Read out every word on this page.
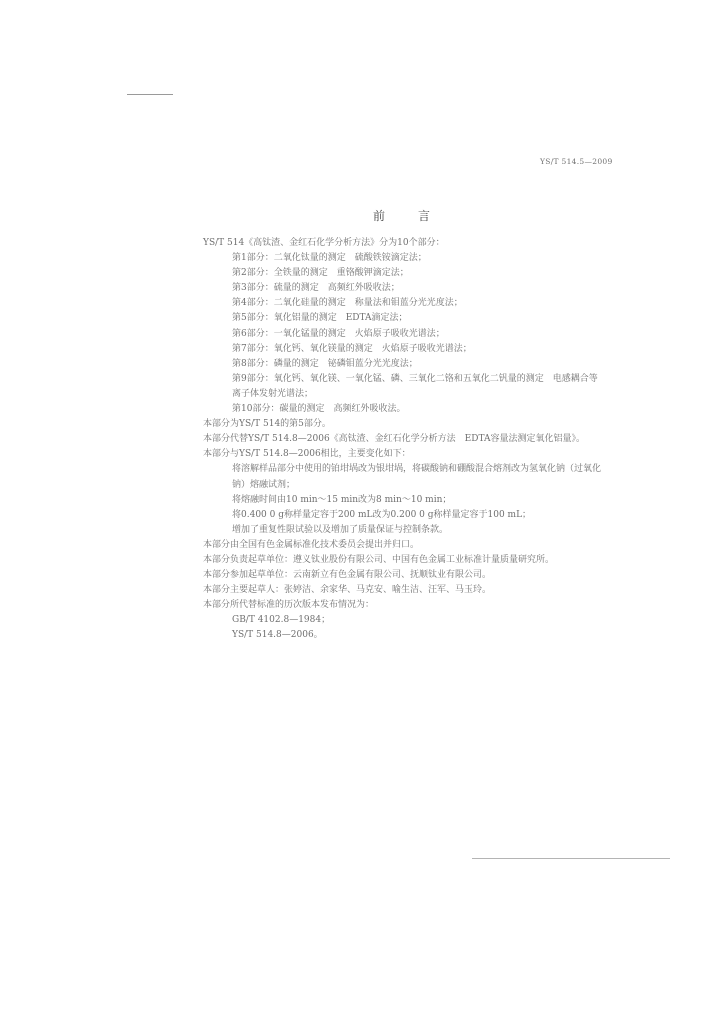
YS/T 514.5—2009
前　　言
YS/T 514《高钛渣、金红石化学分析方法》分为10个部分：
第1部分：二氧化钛量的测定　硫酸铁铵滴定法；
第2部分：全铁量的测定　重铬酸钾滴定法；
第3部分：硫量的测定　高频红外吸收法；
第4部分：二氧化硅量的测定　称量法和钼蓝分光光度法；
第5部分：氧化铝量的测定　EDTA滴定法；
第6部分：一氧化锰量的测定　火焰原子吸收光谱法；
第7部分：氧化钙、氧化镁量的测定　火焰原子吸收光谱法；
第8部分：磷量的测定　铋磷钼蓝分光光度法；
第9部分：氧化钙、氧化镁、一氧化锰、磷、三氧化二铬和五氧化二钒量的测定　电感耦合等离子体发射光谱法；
第10部分：碳量的测定　高频红外吸收法。
本部分为YS/T 514的第5部分。
本部分代替YS/T 514.8—2006《高钛渣、金红石化学分析方法　EDTA容量法测定氧化铝量》。
本部分与YS/T 514.8—2006相比，主要变化如下：
将溶解样品部分中使用的铂坩埚改为银坩埚，将碳酸钠和硼酸混合熔剂改为氢氧化钠（过氧化钠）熔融试剂；
将熔融时间由10 min～15 min改为8 min～10 min；
将0.400 0 g称样量定容于200 mL改为0.200 0 g称样量定容于100 mL；
增加了重复性限试验以及增加了质量保证与控制条款。
本部分由全国有色金属标准化技术委员会提出并归口。
本部分负责起草单位：遵义钛业股份有限公司、中国有色金属工业标准计量质量研究所。
本部分参加起草单位：云南新立有色金属有限公司、抚顺钛业有限公司。
本部分主要起草人：张婷洁、余家华、马克安、喻生洁、汪军、马玉玲。
本部分所代替标准的历次版本发布情况为：
GB/T 4102.8—1984；
YS/T 514.8—2006。
